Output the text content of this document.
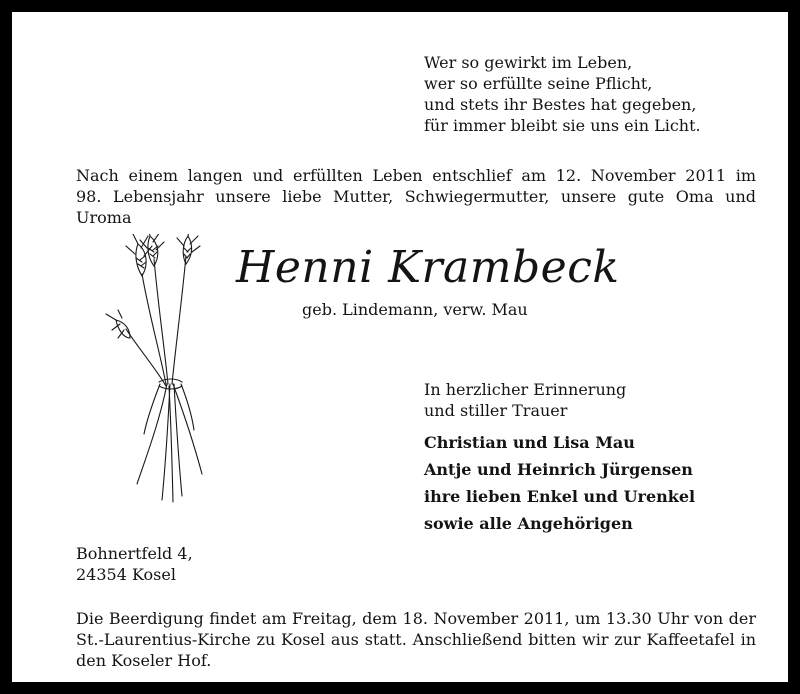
Wer so gewirkt im Leben,
wer so erfüllte seine Pflicht,
und stets ihr Bestes hat gegeben,
für immer bleibt sie uns ein Licht.
Nach einem langen und erfüllten Leben entschlief am 12. November 2011 im
98. Lebensjahr unsere liebe Mutter, Schwiegermutter, unsere gute Oma und Uroma
Henni Krambeck
geb. Lindemann, verw. Mau
In herzlicher Erinnerung
und stiller Trauer
Christian und Lisa Mau
Antje und Heinrich Jürgensen
ihre lieben Enkel und Urenkel
sowie alle Angehörigen
Bohnertfeld 4,
24354 Kosel
Die Beerdigung findet am Freitag, dem 18. November 2011, um 13.30 Uhr von der
St.-Laurentius-Kirche zu Kosel aus statt. Anschließend bitten wir zur Kaffeetafel in
den Koseler Hof.
